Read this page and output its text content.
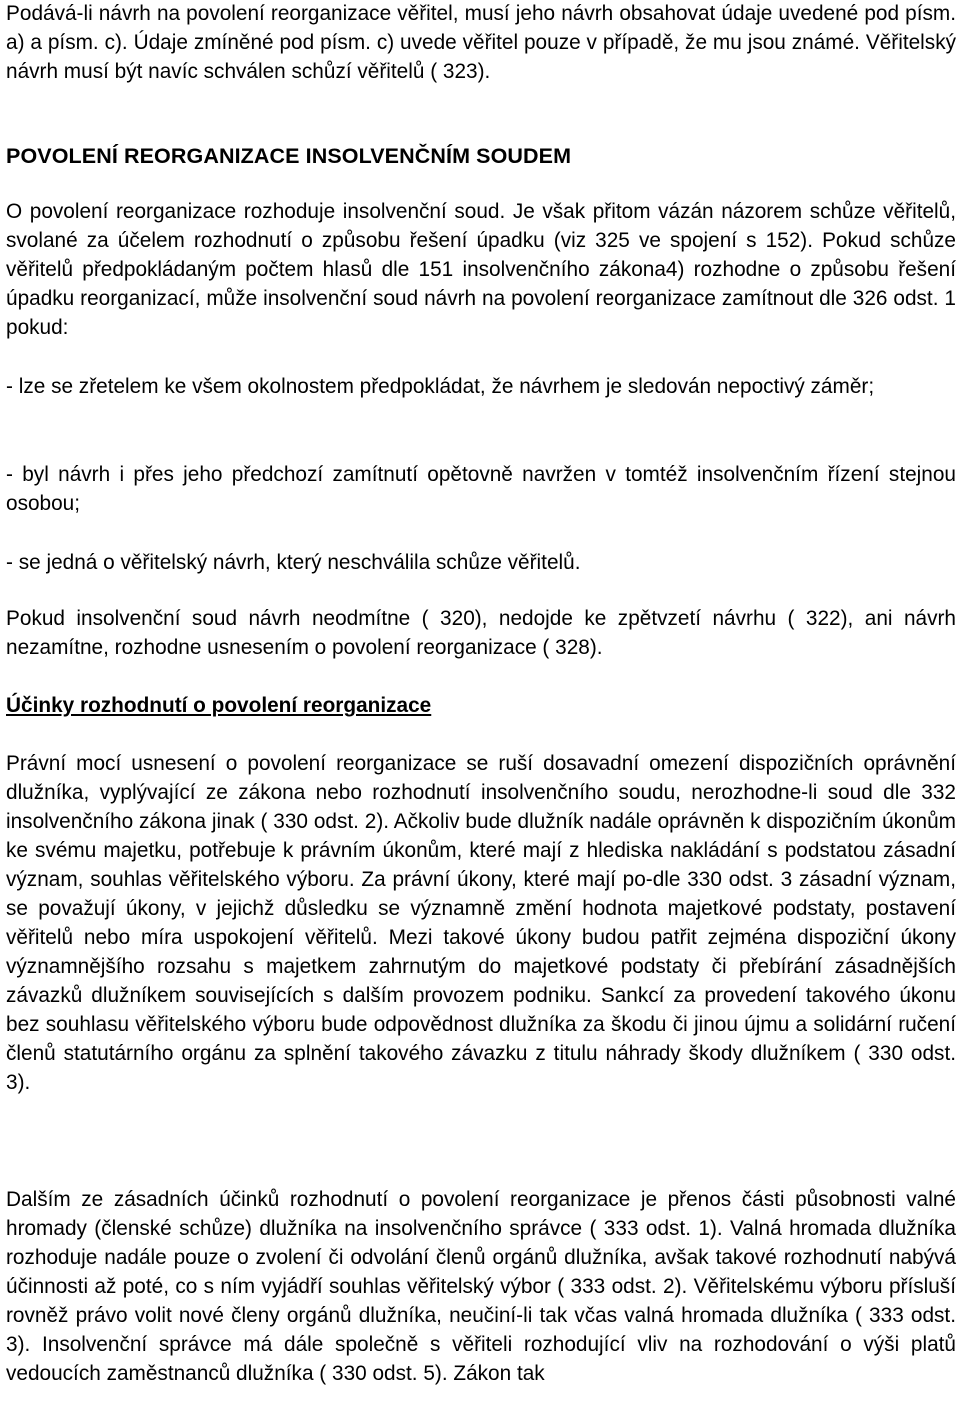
Podává-li návrh na povolení reorganizace věřitel, musí jeho návrh obsahovat údaje uvedené pod písm. a) a písm. c). Údaje zmíněné pod písm. c) uvede věřitel pouze v případě, že mu jsou známé. Věřitelský návrh musí být navíc schválen schůzí věřitelů ( 323).

POVOLENÍ REORGANIZACE INSOLVENČNÍM SOUDEM

O povolení reorganizace rozhoduje insolvenční soud. Je však přitom vázán názorem schůze věřitelů, svolané za účelem rozhodnutí o způsobu řešení úpadku (viz 325 ve spojení s 152). Pokud schůze věřitelů předpokládaným počtem hlasů dle 151 insolvenčního zákona4) rozhodne o způsobu řešení úpadku reorganizací, může insolvenční soud návrh na povolení reorganizace zamítnout dle 326 odst. 1 pokud:

- lze se zřetelem ke všem okolnostem předpokládat, že návrhem je sledován nepoctivý záměr;

- byl návrh i přes jeho předchozí zamítnutí opětovně navržen v tomtéž insolvenčním řízení stejnou osobou;

- se jedná o věřitelský návrh, který neschválila schůze věřitelů.

Pokud insolvenční soud návrh neodmítne ( 320), nedojde ke zpětvzetí návrhu ( 322), ani návrh nezamítne, rozhodne usnesením o povolení reorganizace ( 328).

Účinky rozhodnutí o povolení reorganizace

Právní mocí usnesení o povolení reorganizace se ruší dosavadní omezení dispozičních oprávnění dlužníka, vyplývající ze zákona nebo rozhodnutí insolvenčního soudu, nerozhodne-li soud dle 332 insolvenčního zákona jinak ( 330 odst. 2). Ačkoliv bude dlužník nadále oprávněn k dispozičním úkonům ke svému majetku, potřebuje k právním úkonům, které mají z hlediska nakládání s podstatou zásadní význam, souhlas věřitelského výboru. Za právní úkony, které mají po-dle 330 odst. 3 zásadní význam, se považují úkony, v jejichž důsledku se významně změní hodnota majetkové podstaty, postavení věřitelů nebo míra uspokojení věřitelů. Mezi takové úkony budou patřit zejména dispoziční úkony významnějšího rozsahu s majetkem zahrnutým do majetkové podstaty či přebírání zásadnějších závazků dlužníkem souvisejících s dalším provozem podniku. Sankcí za provedení takového úkonu bez souhlasu věřitelského výboru bude odpovědnost dlužníka za škodu či jinou újmu a solidární ručení členů statutárního orgánu za splnění takového závazku z titulu náhrady škody dlužníkem ( 330 odst. 3).

Dalším ze zásadních účinků rozhodnutí o povolení reorganizace je přenos části působnosti valné hromady (členské schůze) dlužníka na insolvenčního správce ( 333 odst. 1). Valná hromada dlužníka rozhoduje nadále pouze o zvolení či odvolání členů orgánů dlužníka, avšak takové rozhodnutí nabývá účinnosti až poté, co s ním vyjádří souhlas věřitelský výbor ( 333 odst. 2). Věřitelskému výboru přísluší rovněž právo volit nové členy orgánů dlužníka, neučiní-li tak včas valná hromada dlužníka ( 333 odst. 3). Insolvenční správce má dále společně s věřiteli rozhodující vliv na rozhodování o výši platů vedoucích zaměstnanců dlužníka ( 330 odst. 5). Zákon tak
